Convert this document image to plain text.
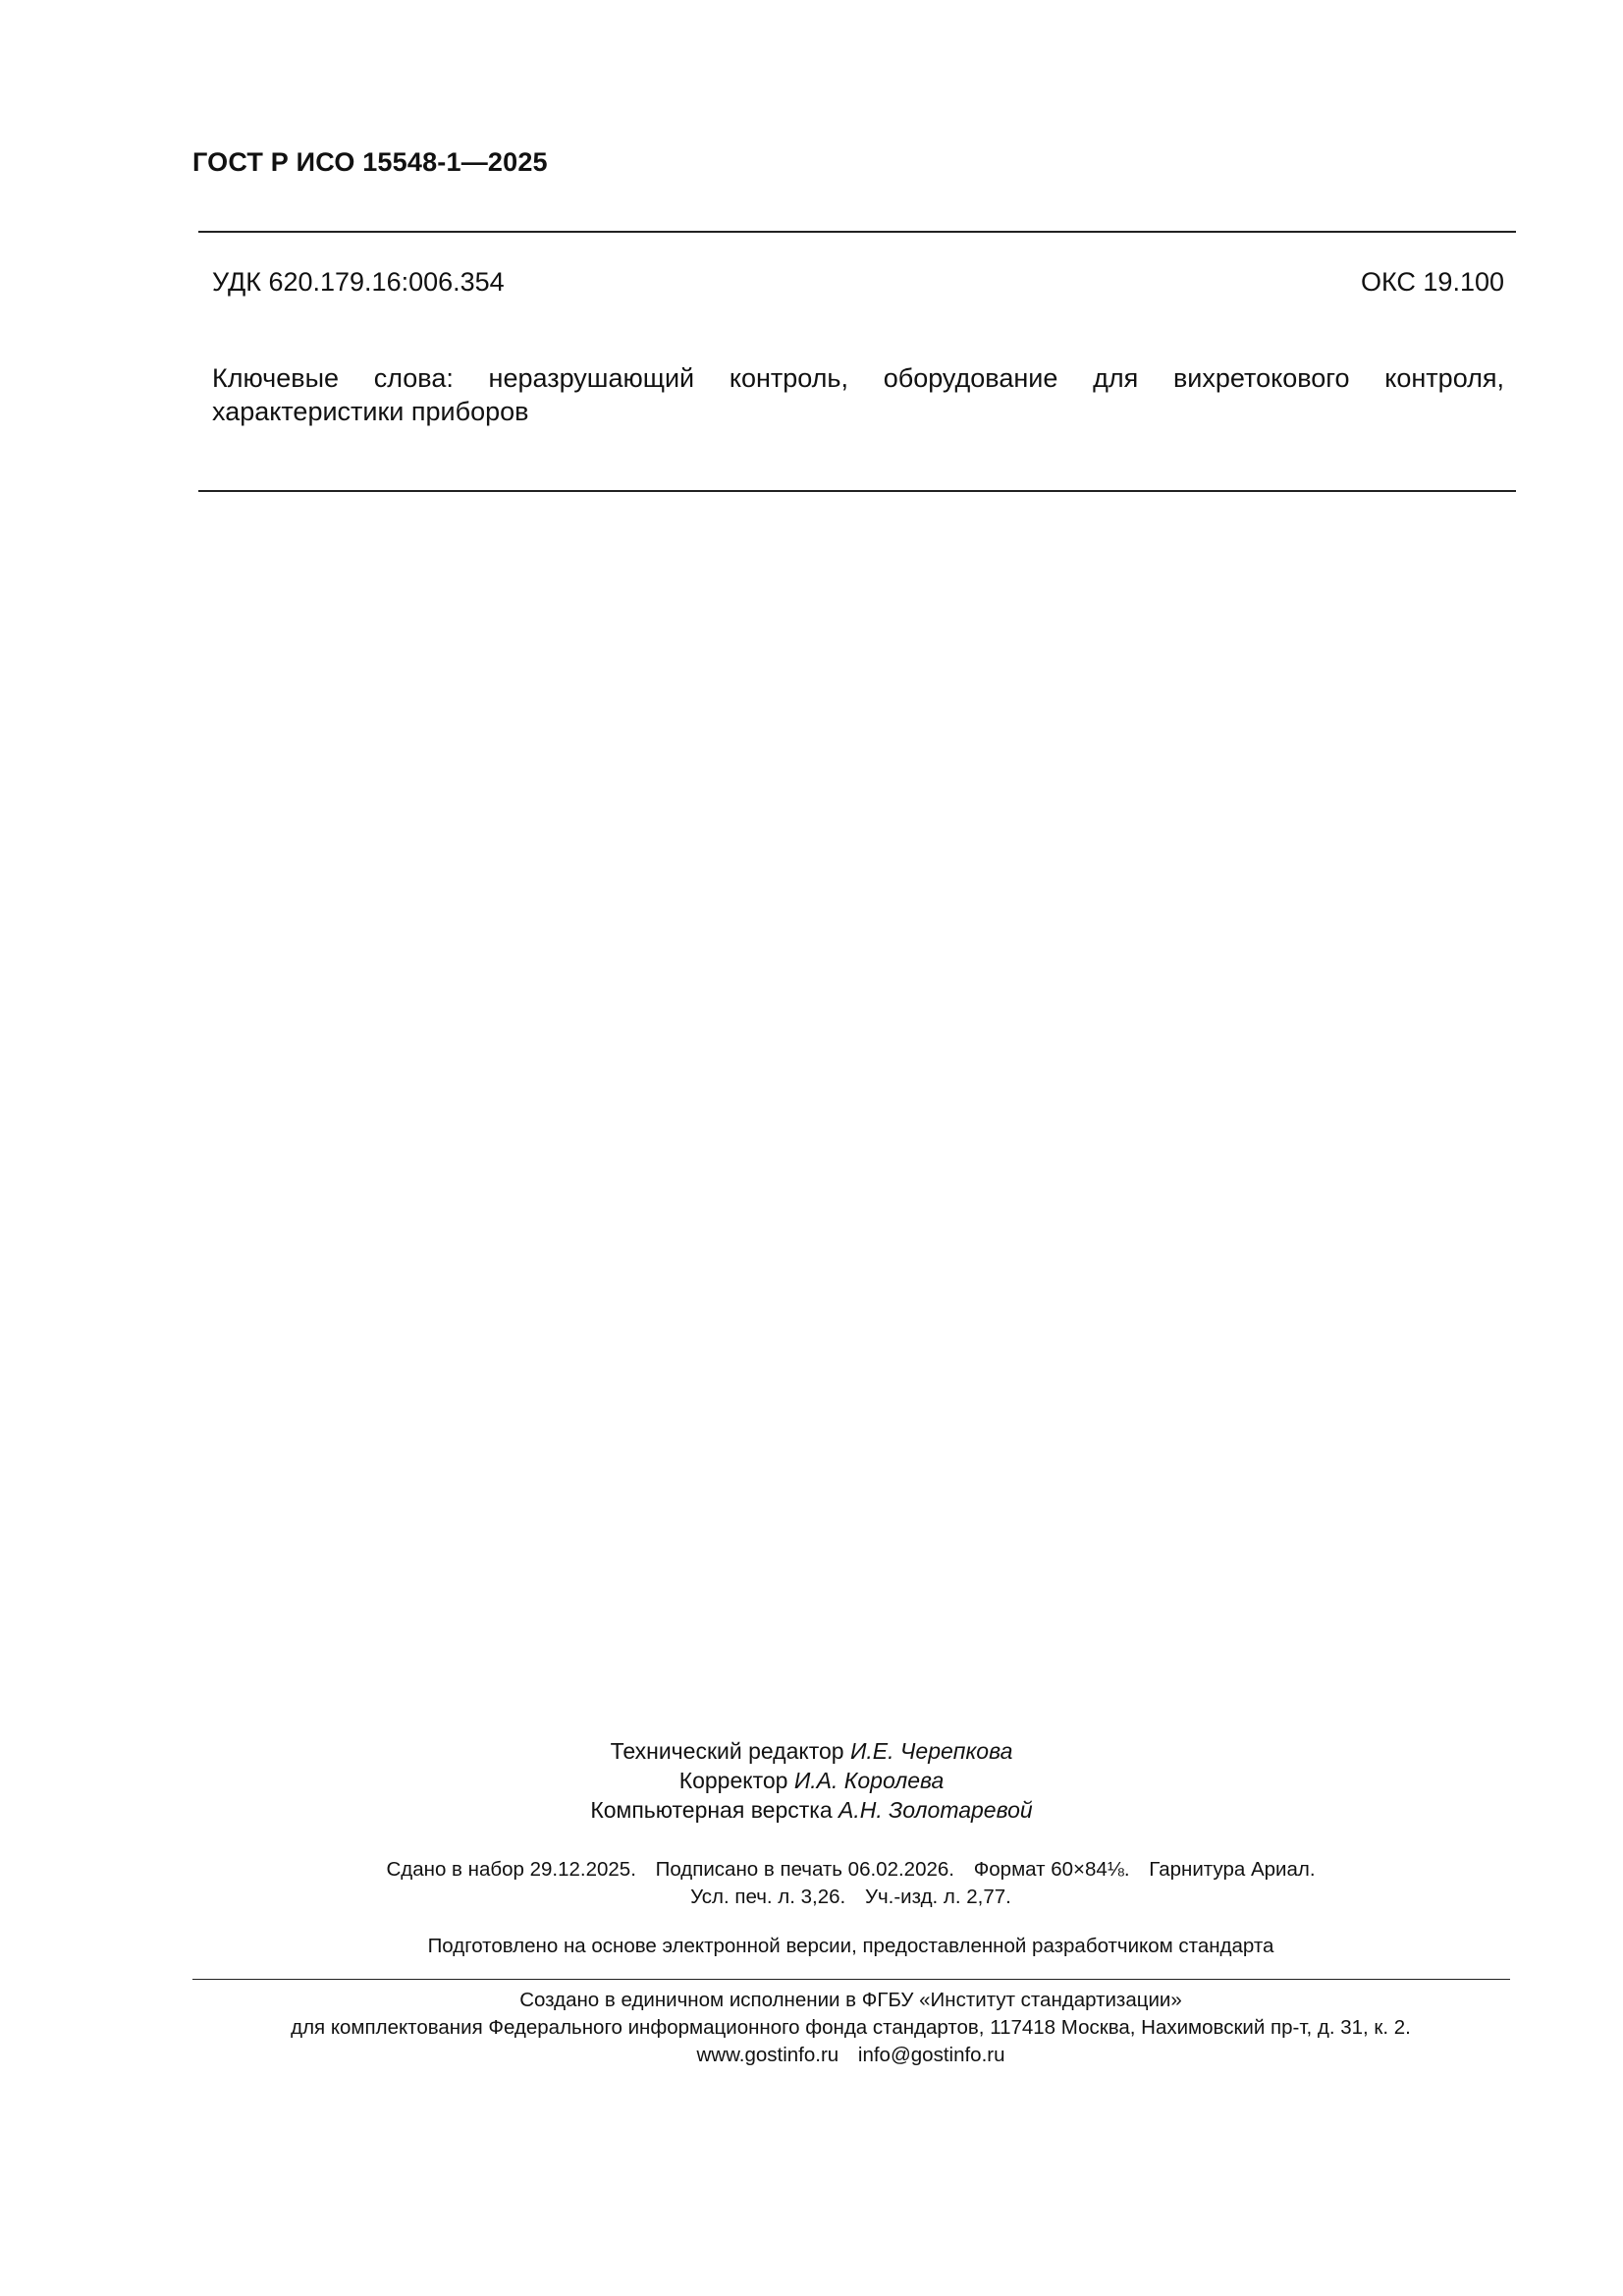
ГОСТ Р ИСО 15548-1—2025
УДК 620.179.16:006.354	ОКС 19.100
Ключевые слова: неразрушающий контроль, оборудование для вихретокового контроля, характеристики приборов
Технический редактор И.Е. Черепкова
Корректор И.А. Королева
Компьютерная верстка А.Н. Золотаревой
Сдано в набор 29.12.2025. Подписано в печать 06.02.2026. Формат 60×84⅛. Гарнитура Ариал.
Усл. печ. л. 3,26. Уч.-изд. л. 2,77.
Подготовлено на основе электронной версии, предоставленной разработчиком стандарта
Создано в единичном исполнении в ФГБУ «Институт стандартизации»
для комплектования Федерального информационного фонда стандартов, 117418 Москва, Нахимовский пр-т, д. 31, к. 2.
www.gostinfo.ru info@gostinfo.ru
